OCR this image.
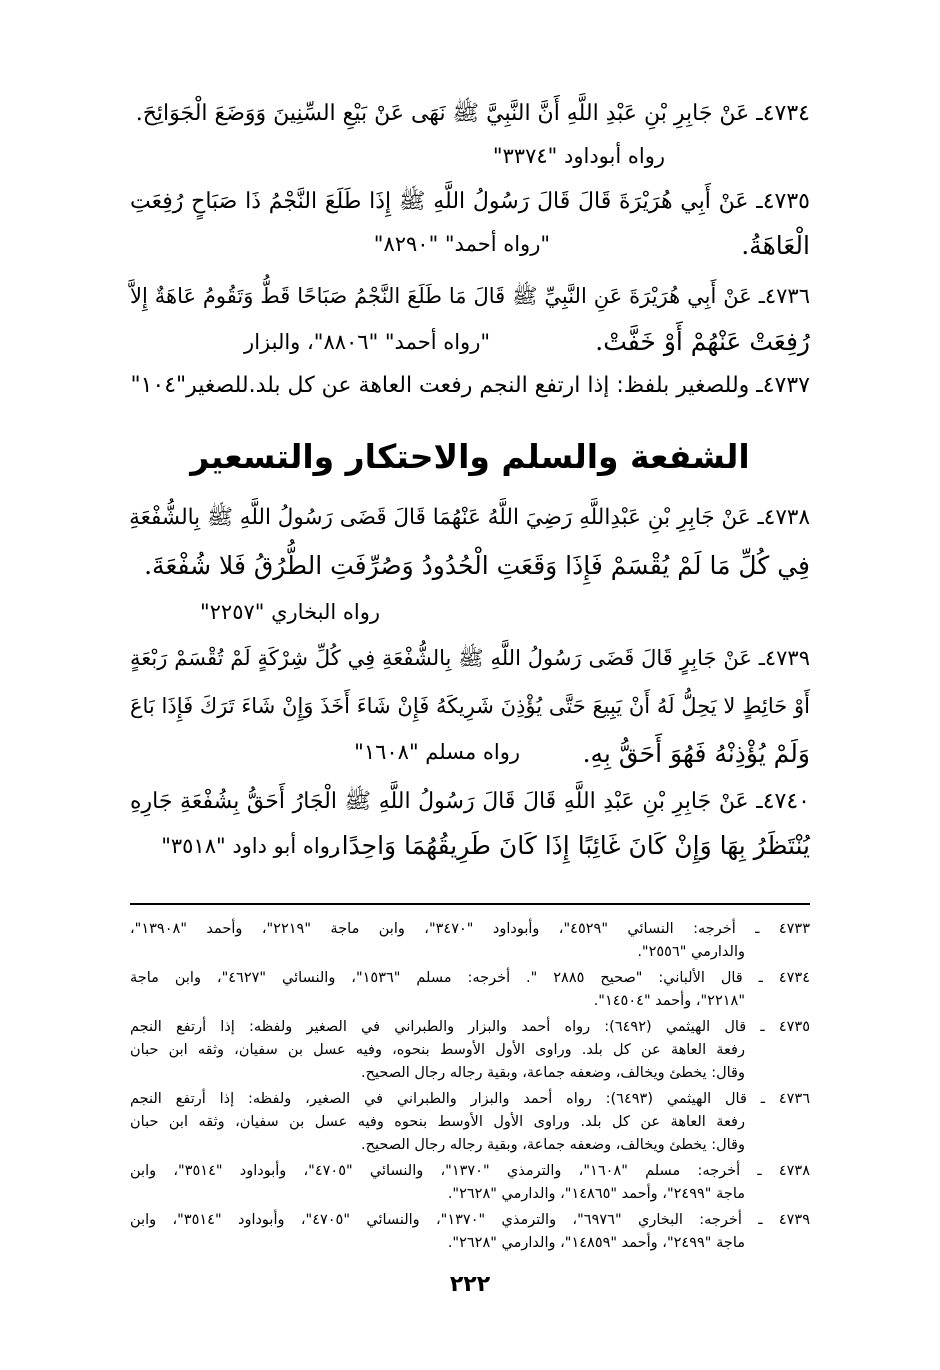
٤٧٣٤ـ عَنْ جَابِرِ بْنِ عَبْدِ اللَّهِ أَنَّ النَّبِيَّ ﷺ نَهَى عَنْ بَيْعِ السِّنِينَ وَوَضَعَ الْجَوَائِحَ.
رواه أبوداود "٣٣٧٤"
٤٧٣٥ـ عَنْ أَبِي هُرَيْرَةَ قَالَ قَالَ رَسُولُ اللَّهِ ﷺ إِذَا طَلَعَ النَّجْمُ ذَا صَبَاحٍ رُفِعَتِ
الْعَاهَةُ.
"رواه أحمد" "٨٢٩٠"
٤٧٣٦ـ عَنْ أَبِي هُرَيْرَةَ عَنِ النَّبِيِّ ﷺ قَالَ مَا طَلَعَ النَّجْمُ صَبَاحًا قَطُّ وَتَقُومُ عَاهَةٌ إِلاَّ
رُفِعَتْ عَنْهُمْ أَوْ خَفَّتْ.
"رواه أحمد" "٨٨٠٦"، والبزار
٤٧٣٧ـ وللصغير بلفظ: إذا ارتفع النجم رفعت العاهة عن كل بلد.للصغير"١٠٤"
الشفعة والسلم والاحتكار والتسعير
٤٧٣٨ـ عَنْ جَابِرِ بْنِ عَبْدِاللَّهِ رَضِيَ اللَّهُ عَنْهُمَا قَالَ قَضَى رَسُولُ اللَّهِ ﷺ بِالشُّفْعَةِ
فِي كُلِّ مَا لَمْ يُقْسَمْ فَإِذَا وَقَعَتِ الْحُدُودُ وَصُرِّفَتِ الطُّرُقُ فَلا شُفْعَةَ.
رواه البخاري "٢٢٥٧"
٤٧٣٩ـ عَنْ جَابِرٍ قَالَ قَضَى رَسُولُ اللَّهِ ﷺ بِالشُّفْعَةِ فِي كُلِّ شِرْكَةٍ لَمْ تُقْسَمْ رَبْعَةٍ
أَوْ حَائِطٍ لا يَحِلُّ لَهُ أَنْ يَبِيعَ حَتَّى يُؤْذِنَ شَرِيكَهُ فَإِنْ شَاءَ أَخَذَ وَإِنْ شَاءَ تَرَكَ فَإِذَا بَاعَ
وَلَمْ يُؤْذِنْهُ فَهُوَ أَحَقُّ بِهِ.
رواه مسلم "١٦٠٨"
٤٧٤٠ـ عَنْ جَابِرِ بْنِ عَبْدِ اللَّهِ قَالَ قَالَ رَسُولُ اللَّهِ ﷺ الْجَارُ أَحَقُّ بِشُفْعَةِ جَارِهِ
يُنْتَظَرُ بِهَا وَإِنْ كَانَ غَائِبًا إِذَا كَانَ طَرِيقُهُمَا وَاحِدًا.
رواه أبو داود "٣٥١٨"
٤٧٣٣ ـ أخرجه: النسائي "٤٥٢٩"، وأبوداود "٣٤٧٠"، وابن ماجة "٢٢١٩"، وأحمد "١٣٩٠٨"،
والدارمي "٢٥٥٦".
٤٧٣٤ ـ قال الألباني: "صحيح ٢٨٨٥ ". أخرجه: مسلم "١٥٣٦"، والنسائي "٤٦٢٧"، وابن ماجة
"٢٢١٨"، وأحمد "١٤٥٠٤".
٤٧٣٥ ـ قال الهيثمي (٦٤٩٢): رواه أحمد والبزار والطبراني في الصغير ولفظه: إذا أرتفع النجم
رفعة العاهة عن كل بلد. وراوى الأول الأوسط بنحوه، وفيه عسل بن سفيان، وثقه ابن حبان
وقال: يخطئ ويخالف، وضعفه جماعة، وبقية رجاله رجال الصحيح.
٤٧٣٦ ـ قال الهيثمي (٦٤٩٣): رواه أحمد والبزار والطبراني في الصغير، ولفظه: إذا أرتفع النجم
رفعة العاهة عن كل بلد. وراوى الأول الأوسط بنحوه وفيه عسل بن سفيان، وثقه ابن حبان
وقال: يخطئ ويخالف، وضعفه جماعة، وبقية رجاله رجال الصحيح.
٤٧٣٨ ـ أخرجه: مسلم "١٦٠٨"، والترمذي "١٣٧٠"، والنسائي "٤٧٠٥"، وأبوداود "٣٥١٤"، وابن
ماجة "٢٤٩٩"، وأحمد "١٤٨٦٥"، والدارمي "٢٦٢٨".
٤٧٣٩ ـ أخرجه: البخاري "٦٩٧٦"، والترمذي "١٣٧٠"، والنسائي "٤٧٠٥"، وأبوداود "٣٥١٤"، وابن
ماجة "٢٤٩٩"، وأحمد "١٤٨٥٩"، والدارمي "٢٦٢٨".
٢٢٢
